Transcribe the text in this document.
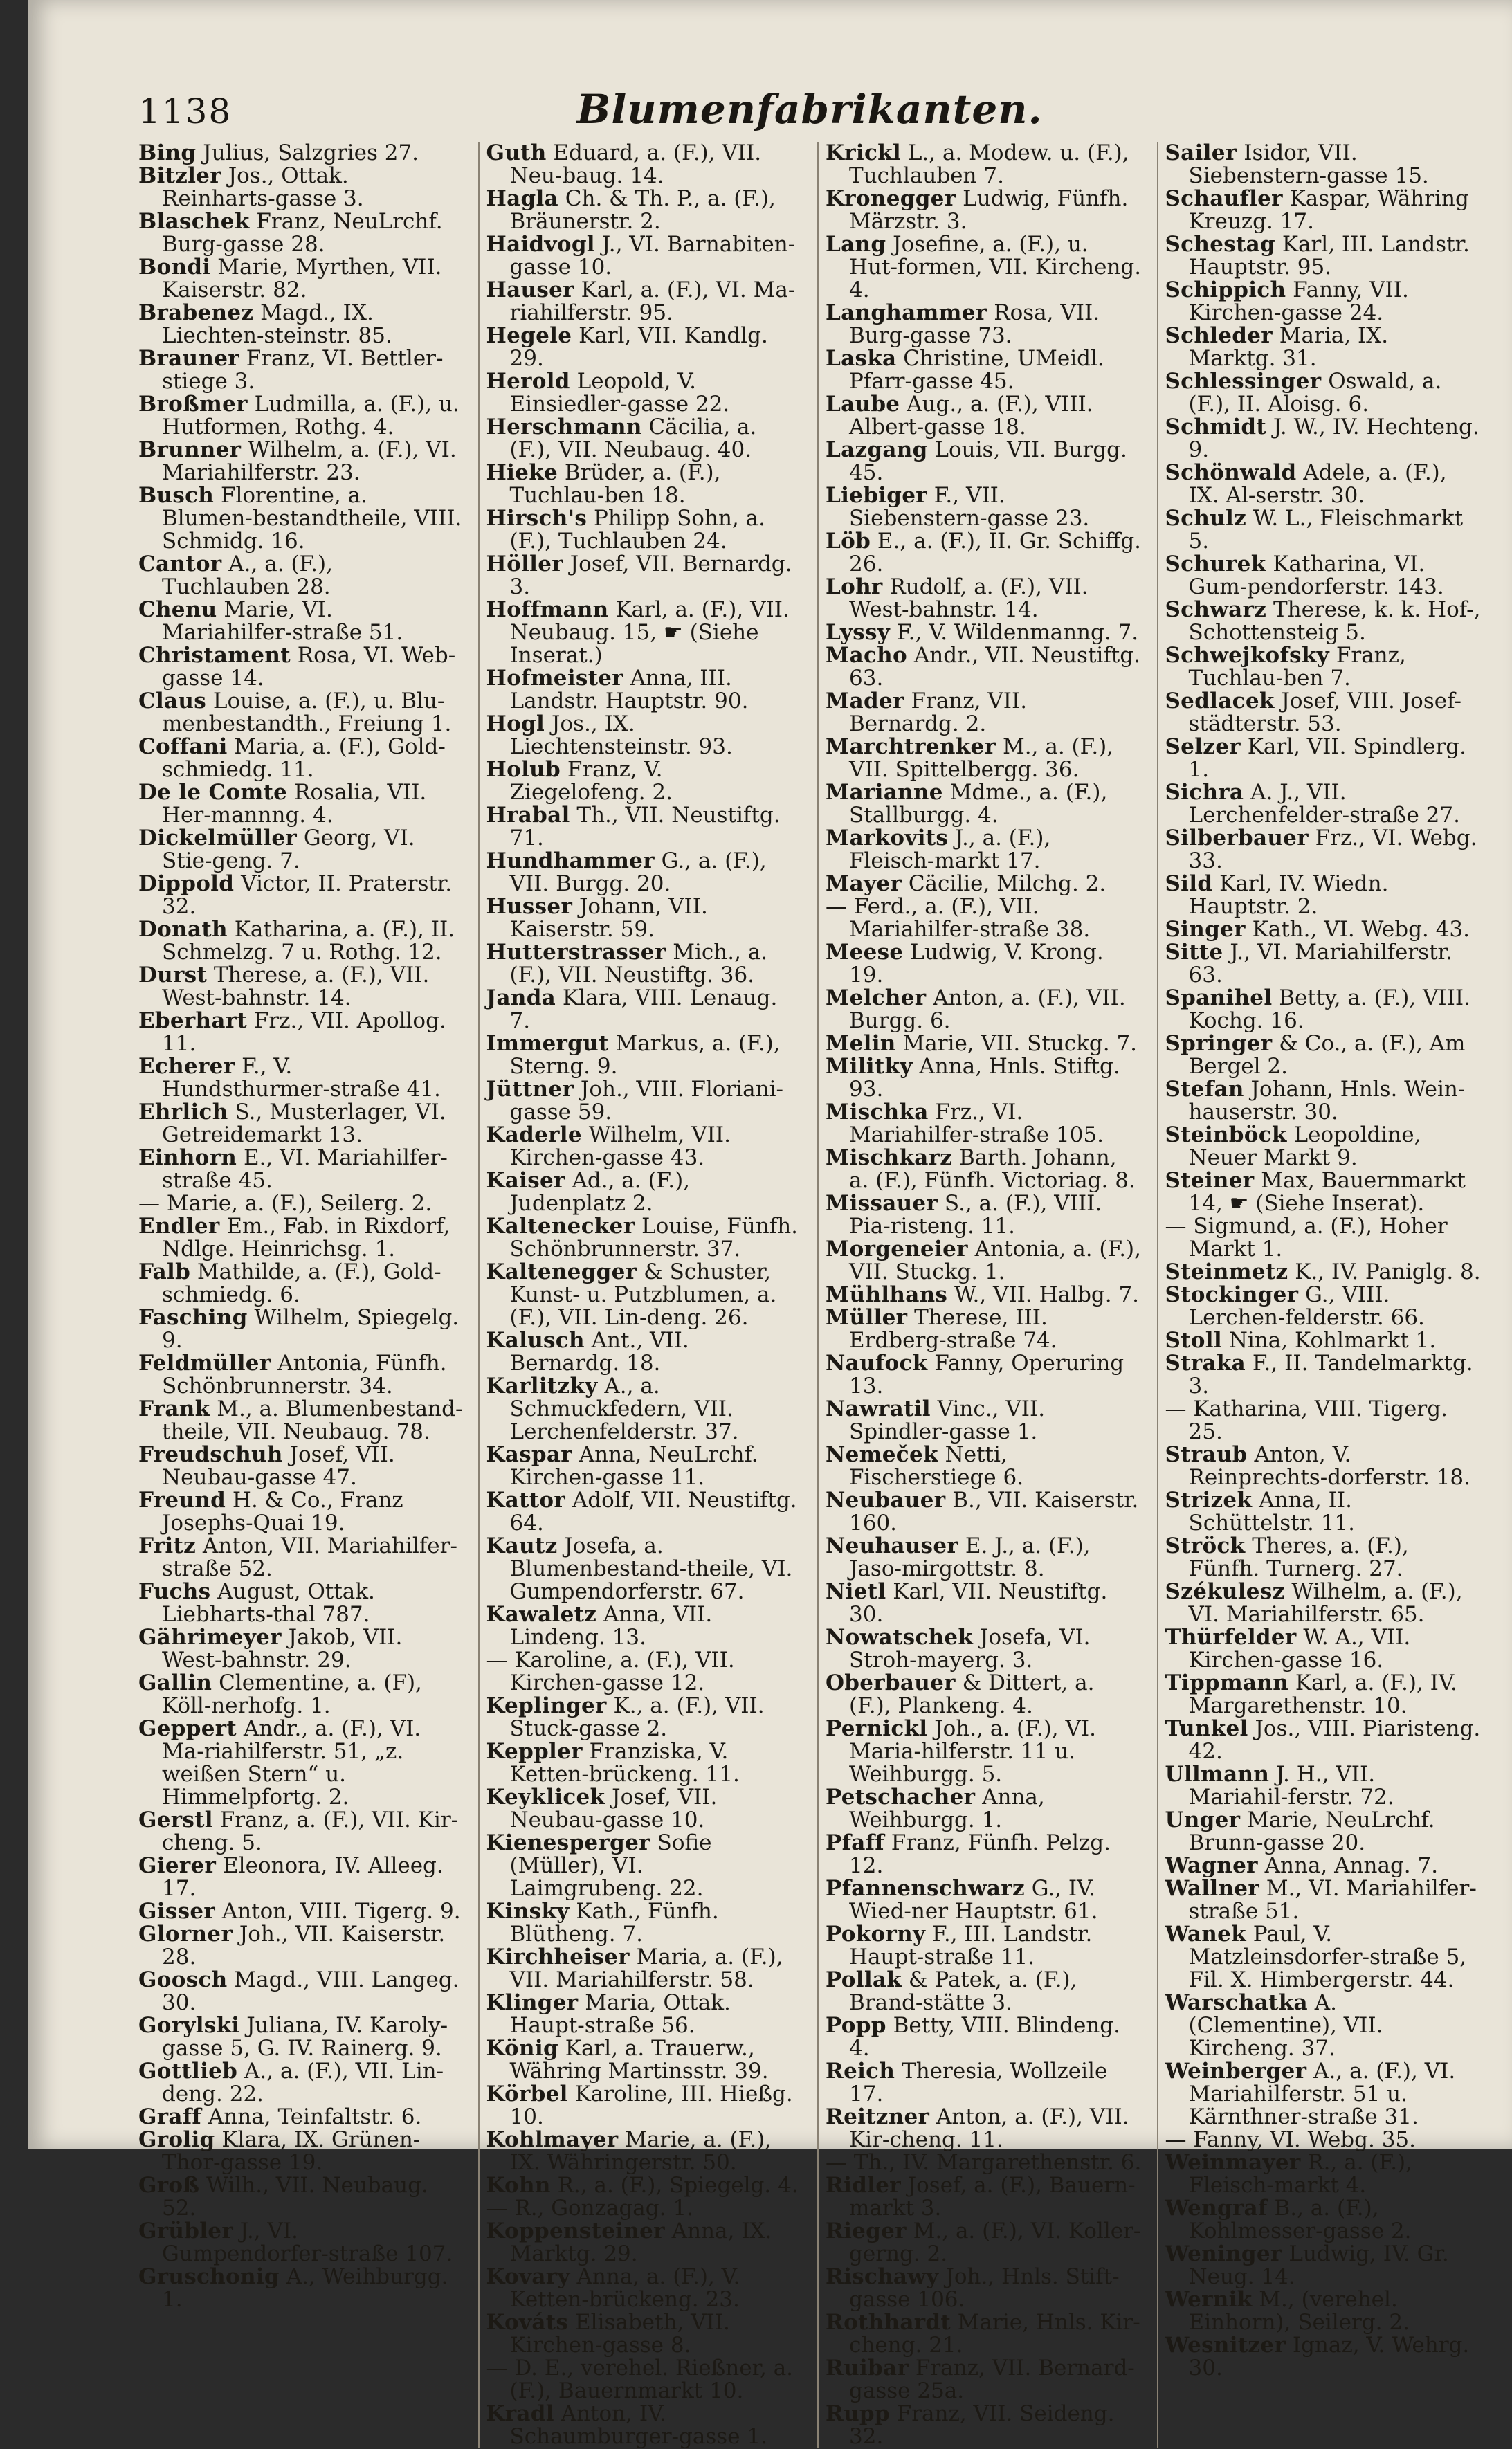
1138	Blumenfabrikanten.

Bing Julius, Salzgries 27.

Bitzler Jos., Ottak. Reinharts-gasse 3.

Blaschek Franz, NeuLrchf. Burg-gasse 28.

Bondi Marie, Myrthen, VII. Kaiserstr. 82.

Brabenez Magd., IX. Liechten-steinstr. 85.

Brauner Franz, VI. Bettler-stiege 3.

Broßmer Ludmilla, a. (F.), u. Hutformen, Rothg. 4.

Brunner Wilhelm, a. (F.), VI. Mariahilferstr. 23.

Busch Florentine, a. Blumen-bestandtheile, VIII. Schmidg. 16.

Cantor A., a. (F.), Tuchlauben 28.

Chenu Marie, VI. Mariahilfer-straße 51.

Christament Rosa, VI. Web-gasse 14.

Claus Louise, a. (F.), u. Blu-menbestandth., Freiung 1.

Coffani Maria, a. (F.), Gold-schmiedg. 11.

De le Comte Rosalia, VII. Her-mannng. 4.

Dickelmüller Georg, VI. Stie-geng. 7.

Dippold Victor, II. Praterstr. 32.

Donath Katharina, a. (F.), II. Schmelzg. 7 u. Rothg. 12.

Durst Therese, a. (F.), VII. West-bahnstr. 14.

Eberhart Frz., VII. Apollog. 11.

Echerer F., V. Hundsthurmer-straße 41.

Ehrlich S., Musterlager, VI. Getreidemarkt 13.

Einhorn E., VI. Mariahilfer-straße 45.

— Marie, a. (F.), Seilerg. 2.

Endler Em., Fab. in Rixdorf, Ndlge. Heinrichsg. 1.

Falb Mathilde, a. (F.), Gold-schmiedg. 6.

Fasching Wilhelm, Spiegelg. 9.

Feldmüller Antonia, Fünfh. Schönbrunnerstr. 34.

Frank M., a. Blumenbestand-theile, VII. Neubaug. 78.

Freudschuh Josef, VII. Neubau-gasse 47.

Freund H. & Co., Franz Josephs-Quai 19.

Fritz Anton, VII. Mariahilfer-straße 52.

Fuchs August, Ottak. Liebharts-thal 787.

Gährimeyer Jakob, VII. West-bahnstr. 29.

Gallin Clementine, a. (F), Köll-nerhofg. 1.

Geppert Andr., a. (F.), VI. Ma-riahilferstr. 51, „z. weißen Stern“ u. Himmelpfortg. 2.

Gerstl Franz, a. (F.), VII. Kir-cheng. 5.

Gierer Eleonora, IV. Alleeg. 17.

Gisser Anton, VIII. Tigerg. 9.

Glorner Joh., VII. Kaiserstr. 28.

Goosch Magd., VIII. Langeg. 30.

Gorylski Juliana, IV. Karoly-gasse 5, G. IV. Rainerg. 9.

Gottlieb A., a. (F.), VII. Lin-deng. 22.

Graff Anna, Teinfaltstr. 6.

Grolig Klara, IX. Grünen-Thor-gasse 19.

Groß Wilh., VII. Neubaug. 52.

Grübler J., VI. Gumpendorfer-straße 107.

Gruschonig A., Weihburgg. 1.

Guth Eduard, a. (F.), VII. Neu-baug. 14.

Hagla Ch. & Th. P., a. (F.), Bräunerstr. 2.

Haidvogl J., VI. Barnabiten-gasse 10.

Hauser Karl, a. (F.), VI. Ma-riahilferstr. 95.

Hegele Karl, VII. Kandlg. 29.

Herold Leopold, V. Einsiedler-gasse 22.

Herschmann Cäcilia, a. (F.), VII. Neubaug. 40.

Hieke Brüder, a. (F.), Tuchlau-ben 18.

Hirsch's Philipp Sohn, a. (F.), Tuchlauben 24.

Höller Josef, VII. Bernardg. 3.

Hoffmann Karl, a. (F.), VII. Neubaug. 15, ☛ (Siehe Inserat.)

Hofmeister Anna, III. Landstr. Hauptstr. 90.

Hogl Jos., IX. Liechtensteinstr. 93.

Holub Franz, V. Ziegelofeng. 2.

Hrabal Th., VII. Neustiftg. 71.

Hundhammer G., a. (F.), VII. Burgg. 20.

Husser Johann, VII. Kaiserstr. 59.

Hutterstrasser Mich., a. (F.), VII. Neustiftg. 36.

Janda Klara, VIII. Lenaug. 7.

Immergut Markus, a. (F.), Sterng. 9.

Jüttner Joh., VIII. Floriani-gasse 59.

Kaderle Wilhelm, VII. Kirchen-gasse 43.

Kaiser Ad., a. (F.), Judenplatz 2.

Kaltenecker Louise, Fünfh. Schönbrunnerstr. 37.

Kaltenegger & Schuster, Kunst- u. Putzblumen, a. (F.), VII. Lin-deng. 26.

Kalusch Ant., VII. Bernardg. 18.

Karlitzky A., a. Schmuckfedern, VII. Lerchenfelderstr. 37.

Kaspar Anna, NeuLrchf. Kirchen-gasse 11.

Kattor Adolf, VII. Neustiftg. 64.

Kautz Josefa, a. Blumenbestand-theile, VI. Gumpendorferstr. 67.

Kawaletz Anna, VII. Lindeng. 13.

— Karoline, a. (F.), VII. Kirchen-gasse 12.

Keplinger K., a. (F.), VII. Stuck-gasse 2.

Keppler Franziska, V. Ketten-brückeng. 11.

Keyklicek Josef, VII. Neubau-gasse 10.

Kienesperger Sofie (Müller), VI. Laimgrubeng. 22.

Kinsky Kath., Fünfh. Blütheng. 7.

Kirchheiser Maria, a. (F.), VII. Mariahilferstr. 58.

Klinger Maria, Ottak. Haupt-straße 56.

König Karl, a. Trauerw., Währing Martinsstr. 39.

Körbel Karoline, III. Hießg. 10.

Kohlmayer Marie, a. (F.), IX. Währingerstr. 50.

Kohn R., a. (F.), Spiegelg. 4.

— R., Gonzagag. 1.

Koppensteiner Anna, IX. Marktg. 29.

Kovary Anna, a. (F.), V. Ketten-brückeng. 23.

Kováts Elisabeth, VII. Kirchen-gasse 8.

— D. E., verehel. Rießner, a. (F.), Bauernmarkt 10.

Kradl Anton, IV. Schaumburger-gasse 1.

Krickl L., a. Modew. u. (F.), Tuchlauben 7.

Kronegger Ludwig, Fünfh. Märzstr. 3.

Lang Josefine, a. (F.), u. Hut-formen, VII. Kircheng. 4.

Langhammer Rosa, VII. Burg-gasse 73.

Laska Christine, UMeidl. Pfarr-gasse 45.

Laube Aug., a. (F.), VIII. Albert-gasse 18.

Lazgang Louis, VII. Burgg. 45.

Liebiger F., VII. Siebenstern-gasse 23.

Löb E., a. (F.), II. Gr. Schiffg. 26.

Lohr Rudolf, a. (F.), VII. West-bahnstr. 14.

Lyssy F., V. Wildenmanng. 7.

Macho Andr., VII. Neustiftg. 63.

Mader Franz, VII. Bernardg. 2.

Marchtrenker M., a. (F.), VII. Spittelbergg. 36.

Marianne Mdme., a. (F.), Stallburgg. 4.

Markovits J., a. (F.), Fleisch-markt 17.

Mayer Cäcilie, Milchg. 2.

— Ferd., a. (F.), VII. Mariahilfer-straße 38.

Meese Ludwig, V. Krong. 19.

Melcher Anton, a. (F.), VII. Burgg. 6.

Melin Marie, VII. Stuckg. 7.

Militky Anna, Hnls. Stiftg. 93.

Mischka Frz., VI. Mariahilfer-straße 105.

Mischkarz Barth. Johann, a. (F.), Fünfh. Victoriag. 8.

Missauer S., a. (F.), VIII. Pia-risteng. 11.

Morgeneier Antonia, a. (F.), VII. Stuckg. 1.

Mühlhans W., VII. Halbg. 7.

Müller Therese, III. Erdberg-straße 74.

Naufock Fanny, Operuring 13.

Nawratil Vinc., VII. Spindler-gasse 1.

Nemeček Netti, Fischerstiege 6.

Neubauer B., VII. Kaiserstr. 160.

Neuhauser E. J., a. (F.), Jaso-mirgottstr. 8.

Nietl Karl, VII. Neustiftg. 30.

Nowatschek Josefa, VI. Stroh-mayerg. 3.

Oberbauer & Dittert, a. (F.), Plankeng. 4.

Pernickl Joh., a. (F.), VI. Maria-hilferstr. 11 u. Weihburgg. 5.

Petschacher Anna, Weihburgg. 1.

Pfaff Franz, Fünfh. Pelzg. 12.

Pfannenschwarz G., IV. Wied-ner Hauptstr. 61.

Pokorny F., III. Landstr. Haupt-straße 11.

Pollak & Patek, a. (F.), Brand-stätte 3.

Popp Betty, VIII. Blindeng. 4.

Reich Theresia, Wollzeile 17.

Reitzner Anton, a. (F.), VII. Kir-cheng. 11.

— Th., IV. Margarethenstr. 6.

Ridler Josef, a. (F.), Bauern-markt 3.

Rieger M., a. (F.), VI. Koller-gerng. 2.

Rischawy Joh., Hnls. Stift-gasse 106.

Rothhardt Marie, Hnls. Kir-cheng. 21.

Ruibar Franz, VII. Bernard-gasse 25a.

Rupp Franz, VII. Seideng. 32.

Sailer Isidor, VII. Siebenstern-gasse 15.

Schaufler Kaspar, Währing Kreuzg. 17.

Schestag Karl, III. Landstr. Hauptstr. 95.

Schippich Fanny, VII. Kirchen-gasse 24.

Schleder Maria, IX. Marktg. 31.

Schlessinger Oswald, a. (F.), II. Aloisg. 6.

Schmidt J. W., IV. Hechteng. 9.

Schönwald Adele, a. (F.), IX. Al-serstr. 30.

Schulz W. L., Fleischmarkt 5.

Schurek Katharina, VI. Gum-pendorferstr. 143.

Schwarz Therese, k. k. Hof-, Schottensteig 5.

Schwejkofsky Franz, Tuchlau-ben 7.

Sedlacek Josef, VIII. Josef-städterstr. 53.

Selzer Karl, VII. Spindlerg. 1.

Sichra A. J., VII. Lerchenfelder-straße 27.

Silberbauer Frz., VI. Webg. 33.

Sild Karl, IV. Wiedn. Hauptstr. 2.

Singer Kath., VI. Webg. 43.

Sitte J., VI. Mariahilferstr. 63.

Spanihel Betty, a. (F.), VIII. Kochg. 16.

Springer & Co., a. (F.), Am Bergel 2.

Stefan Johann, Hnls. Wein-hauserstr. 30.

Steinböck Leopoldine, Neuer Markt 9.

Steiner Max, Bauernmarkt 14, ☛ (Siehe Inserat).

— Sigmund, a. (F.), Hoher Markt 1.

Steinmetz K., IV. Paniglg. 8.

Stockinger G., VIII. Lerchen-felderstr. 66.

Stoll Nina, Kohlmarkt 1.

Straka F., II. Tandelmarktg. 3.

— Katharina, VIII. Tigerg. 25.

Straub Anton, V. Reinprechts-dorferstr. 18.

Strizek Anna, II. Schüttelstr. 11.

Ströck Theres, a. (F.), Fünfh. Turnerg. 27.

Székulesz Wilhelm, a. (F.), VI. Mariahilferstr. 65.

Thürfelder W. A., VII. Kirchen-gasse 16.

Tippmann Karl, a. (F.), IV. Margarethenstr. 10.

Tunkel Jos., VIII. Piaristeng. 42.

Ullmann J. H., VII. Mariahil-ferstr. 72.

Unger Marie, NeuLrchf. Brunn-gasse 20.

Wagner Anna, Annag. 7.

Wallner M., VI. Mariahilfer-straße 51.

Wanek Paul, V. Matzleinsdorfer-straße 5, Fil. X. Himbergerstr. 44.

Warschatka A. (Clementine), VII. Kircheng. 37.

Weinberger A., a. (F.), VI. Mariahilferstr. 51 u. Kärnthner-straße 31.

— Fanny, VI. Webg. 35.

Weinmayer R., a. (F.), Fleisch-markt 4.

Wengraf B., a. (F.), Kohlmesser-gasse 2.

Weninger Ludwig, IV. Gr. Neug. 14.

Wernik M., (verehel. Einhorn), Seilerg. 2.

Wesnitzer Ignaz, V. Wehrg. 30.
